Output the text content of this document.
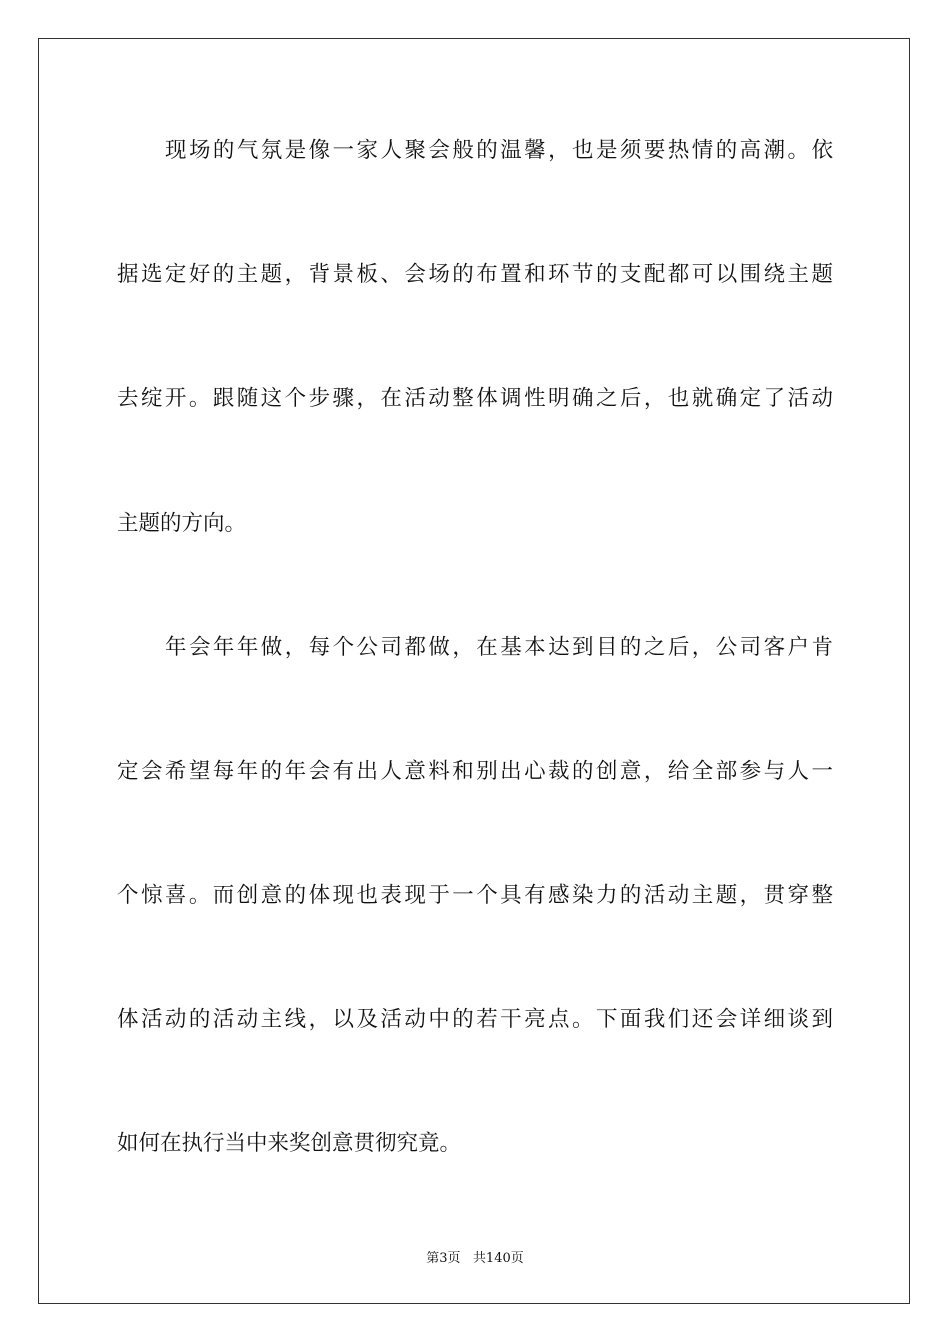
现场的气氛是像一家人聚会般的温馨，也是须要热情的高潮。依
据选定好的主题，背景板、会场的布置和环节的支配都可以围绕主题
去绽开。跟随这个步骤，在活动整体调性明确之后，也就确定了活动
主题的方向。
年会年年做，每个公司都做，在基本达到目的之后，公司客户肯
定会希望每年的年会有出人意料和别出心裁的创意，给全部参与人一
个惊喜。而创意的体现也表现于一个具有感染力的活动主题，贯穿整
体活动的活动主线，以及活动中的若干亮点。下面我们还会详细谈到
如何在执行当中来奖创意贯彻究竟。
第3页 共140页
